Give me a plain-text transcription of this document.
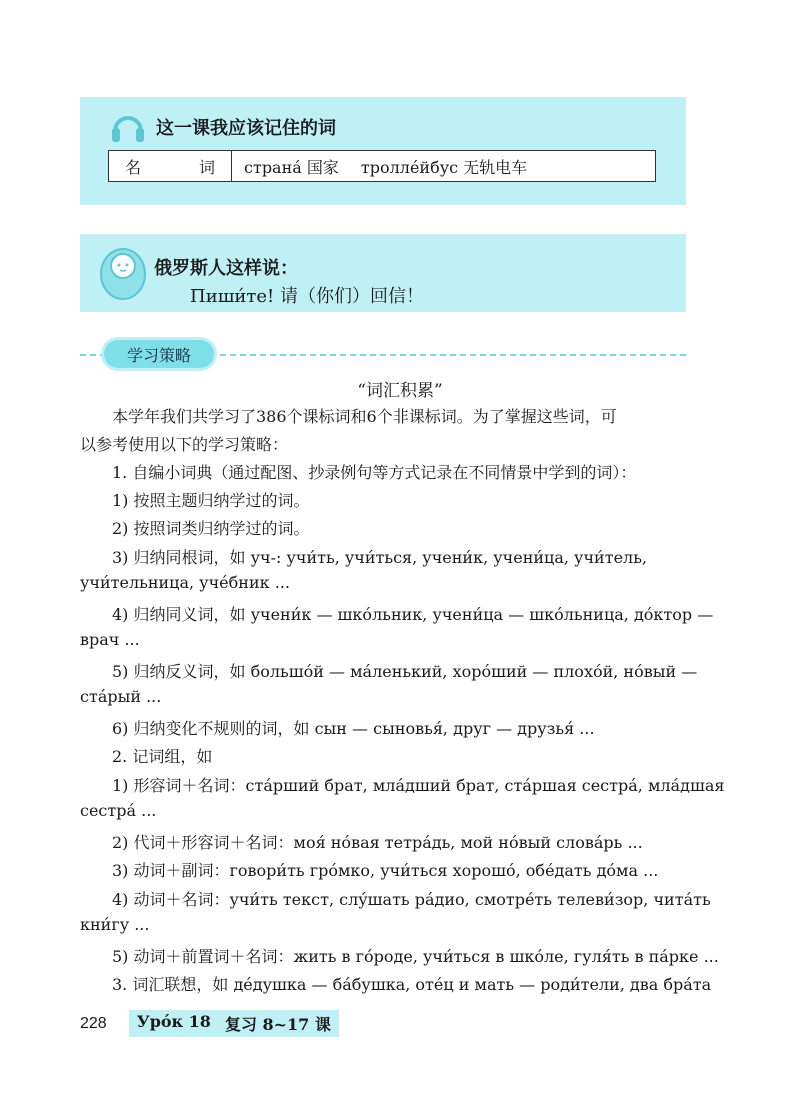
这一课我应该记住的词
名	词 страна́ 国家 тролле́йбус 无轨电车
俄罗斯人这样说：
Пиши́те! 请（你们）回信！
学习策略
“词汇积累”
本学年我们共学习了386个课标词和6个非课标词。为了掌握这些词，可
以参考使用以下的学习策略：
1. 自编小词典（通过配图、抄录例句等方式记录在不同情景中学到的词）：
1) 按照主题归纳学过的词。
2) 按照词类归纳学过的词。
3) 归纳同根词，如 уч-: учи́ть, учи́ться, учени́к, учени́ца, учи́тель,
учи́тельница, уче́бник ...
4) 归纳同义词，如 учени́к — шко́льник, учени́ца — шко́льница, до́ктор —
врач ...
5) 归纳反义词，如 большо́й — ма́ленький, хоро́ший — плохо́й, но́вый —
ста́рый ...
6) 归纳变化不规则的词，如 сын — сыновья́, друг — друзья́ ...
2. 记词组，如
1) 形容词＋名词：ста́рший брат, мла́дший брат, ста́ршая сестра́, мла́дшая
сестра́ ...
2) 代词＋形容词＋名词：моя́ но́вая тетра́дь, мой но́вый слова́рь ...
3) 动词＋副词：говори́ть гро́мко, учи́ться хорошо́, обе́дать до́ма ...
4) 动词＋名词：учи́ть текст, слу́шать ра́дио, смотре́ть телеви́зор, чита́ть
кни́гу ...
5) 动词＋前置词＋名词：жить в го́роде, учи́ться в шко́ле, гуля́ть в па́рке ...
3. 词汇联想，如 де́душка — ба́бушка, оте́ц и мать — роди́тели, два бра́та
228 Уро́к 18 复习 8~17 课
